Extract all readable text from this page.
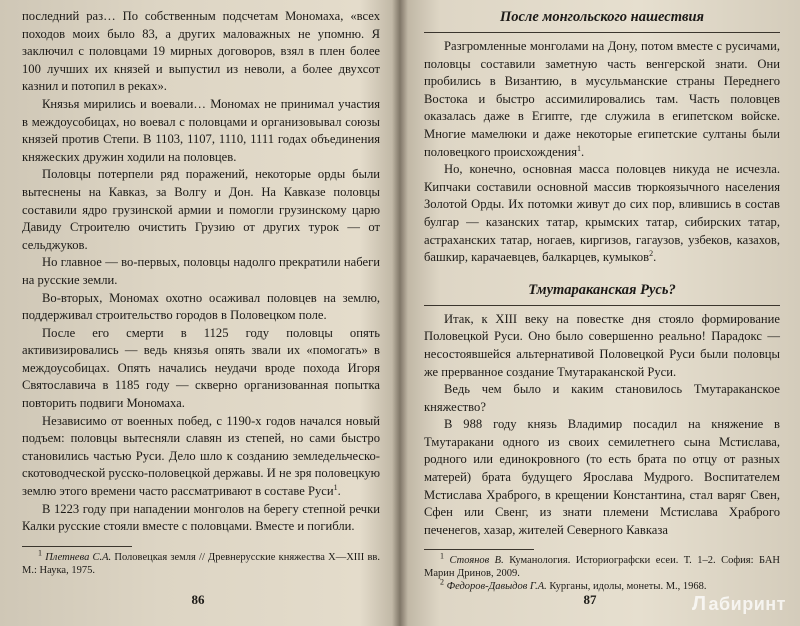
последний раз… По собственным подсчетам Мономаха, «всех походов моих было 83, а других маловажных не упомню. Я заключил с половцами 19 мирных договоров, взял в плен более 100 лучших их князей и выпустил из неволи, а более двухсот казнил и потопил в реках».

Князья мирились и воевали… Мономах не принимал участия в междоусобицах, но воевал с половцами и организовывал союзы князей против Степи. В 1103, 1107, 1110, 1111 годах объединения княжеских дружин ходили на половцев.

Половцы потерпели ряд поражений, некоторые орды были вытеснены на Кавказ, за Волгу и Дон. На Кавказе половцы составили ядро грузинской армии и помогли грузинскому царю Давиду Строителю очистить Грузию от других турок — от сельджуков.

Но главное — во-первых, половцы надолго прекратили набеги на русские земли.

Во-вторых, Мономах охотно осаживал половцев на землю, поддерживал строительство городов в Половецком поле.

После его смерти в 1125 году половцы опять активизировались — ведь князья опять звали их «помогать» в междоусобицах. Опять начались неудачи вроде похода Игоря Святославича в 1185 году — скверно организованная попытка повторить подвиги Мономаха.

Независимо от военных побед, с 1190-х годов начался новый подъем: половцы вытесняли славян из степей, но сами быстро становились частью Руси. Дело шло к созданию земледельческо-скотоводческой русско-половецкой державы. И не зря половецкую землю этого времени часто рассматривают в составе Руси$^1$.

В 1223 году при нападении монголов на берегу степной речки Калки русские стояли вместе с половцами. Вместе и погибли.

$^1$ Плетнева С.А. Половецкая земля // Древнерусские княжества X—XIII вв. М.: Наука, 1975.

86
После монгольского нашествия

Разгромленные монголами на Дону, потом вместе с русичами, половцы составили заметную часть венгерской знати. Они пробились в Византию, в мусульманские страны Переднего Востока и быстро ассимилировались там. Часть половцев оказалась даже в Египте, где служила в египетском войске. Многие мамелюки и даже некоторые египетские султаны были половецкого происхождения$^1$.

Но, конечно, основная масса половцев никуда не исчезла. Кипчаки составили основной массив тюркоязычного населения Золотой Орды. Их потомки живут до сих пор, влившись в состав булгар — казанских татар, крымских татар, сибирских татар, астраханских татар, ногаев, киргизов, гагаузов, узбеков, казахов, башкир, карачаевцев, балкарцев, кумыков$^2$.

Тмутараканская Русь?

Итак, к XIII веку на повестке дня стояло формирование Половецкой Руси. Оно было совершенно реально! Парадокс — несостоявшейся альтернативой Половецкой Руси были половцы же прерванное создание Тмутараканской Руси.

Ведь чем было и каким становилось Тмутараканское княжество?

В 988 году князь Владимир посадил на княжение в Тмутаракани одного из своих семилетнего сына Мстислава, родного или единокровного (то есть брата по отцу от разных матерей) брата будущего Ярослава Мудрого. Воспитателем Мстислава Храброго, в крещении Константина, стал варяг Свен, Сфен или Свенг, из знати племени Мстислава Храброго печенегов, хазар, жителей Северного Кавказа

$^1$ Стоянов В. Куманология. Историографски есеи. Т. 1–2. София: БАН Марин Дринов, 2009.

$^2$ Федоров-Давыдов Г.А. Курганы, идолы, монеты. М., 1968.

87	Л абиринт
